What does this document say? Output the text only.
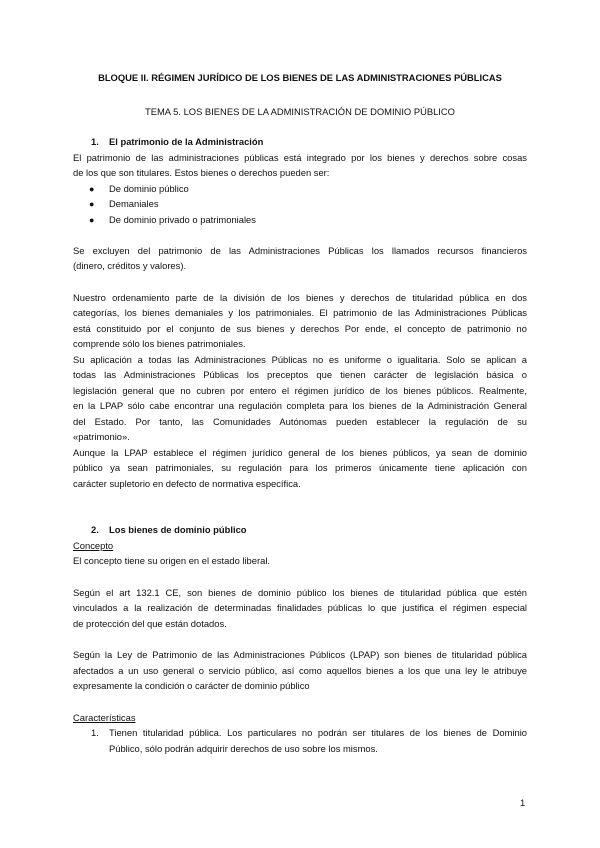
BLOQUE II. RÉGIMEN JURÍDICO DE LOS BIENES DE LAS ADMINISTRACIONES PÚBLICAS
TEMA 5. LOS BIENES DE LA ADMINISTRACIÓN DE DOMINIO PÚBLICO
1. El patrimonio de la Administración
El patrimonio de las administraciones públicas está integrado por los bienes y derechos sobre cosas
de los que son titulares. Estos bienes o derechos pueden ser:
● De dominio público
● Demaniales
● De dominio privado o patrimoniales
Se excluyen del patrimonio de las Administraciones Públicas los llamados recursos financieros
(dinero, créditos y valores).
Nuestro ordenamiento parte de la división de los bienes y derechos de titularidad pública en dos
categorías, los bienes demaniales y los patrimoniales. El patrimonio de las Administraciones Públicas
está constituido por el conjunto de sus bienes y derechos Por ende, el concepto de patrimonio no
comprende sólo los bienes patrimoniales.
Su aplicación a todas las Administraciones Públicas no es uniforme o igualitaria. Solo se aplican a
todas las Administraciones Públicas los preceptos que tienen carácter de legislación básica o
legislación general que no cubren por entero el régimen jurídico de los bienes públicos. Realmente,
en la LPAP sólo cabe encontrar una regulación completa para los bienes de la Administración General
del Estado. Por tanto, las Comunidades Autónomas pueden establecer la regulación de su
«patrimonio».
Aunque la LPAP establece el régimen jurídico general de los bienes públicos, ya sean de dominio
público ya sean patrimoniales, su regulación para los primeros únicamente tiene aplicación con
carácter supletorio en defecto de normativa específica.
2. Los bienes de dominio público
Concepto
El concepto tiene su origen en el estado liberal.
Según el art 132.1 CE, son bienes de dominio público los bienes de titularidad pública que estén
vinculados a la realización de determinadas finalidades públicas lo que justifica el régimen especial
de protección del que están dotados.
Según la Ley de Patrimonio de las Administraciones Públicos (LPAP) son bienes de titularidad pública
afectados a un uso general o servicio público, así como aquellos bienes a los que una ley le atribuye
expresamente la condición o carácter de dominio público
Características
1. Tienen titularidad pública. Los particulares no podrán ser titulares de los bienes de Dominio
Público, sólo podrán adquirir derechos de uso sobre los mismos.
1
